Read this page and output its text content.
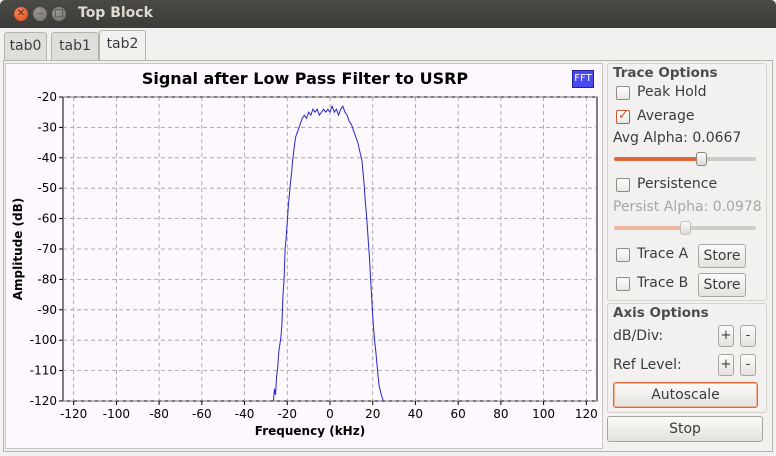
✕	‒	□ Top Block
tab0	tab1	tab2
-120 -100 -80 -60 -40 -20 0	20 40 60 80 100 120
-20
-30
-40
-50
-60
-70
-80
-90
-100
-110
-120
Frequency (kHz)
Amplitude (dB)
Signal after Low Pass Filter to USRP	FFT Trace Options
Peak Hold
✓
Average
Avg Alpha: 0.0667
Persistence
Persist Alpha: 0.0978
Trace A	Store
Trace B	Store
Axis Options
dB/Div:	+	-
Ref Level:	+	-
Autoscale
Stop
